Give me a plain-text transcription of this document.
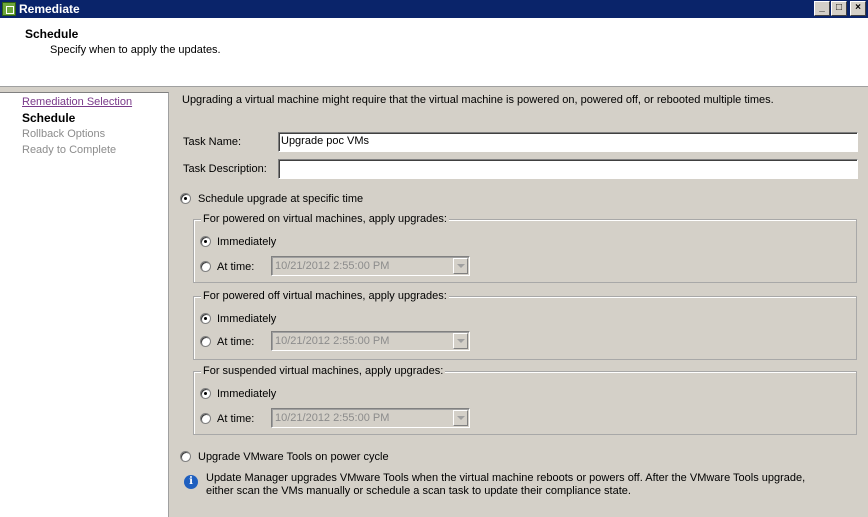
Remediate	_	□	×
Schedule
Specify when to apply the updates.
Remediation Selection
Schedule
Rollback Options
Ready to Complete
Upgrading a virtual machine might require that the virtual machine is powered on, powered off, or rebooted multiple times.
Task Name:	Upgrade poc VMs
Task Description:
Schedule upgrade at specific time
For powered on virtual machines, apply upgrades:
Immediately
At time: 10/21/2012 2:55:00 PM
For powered off virtual machines, apply upgrades:
Immediately
At time: 10/21/2012 2:55:00 PM
For suspended virtual machines, apply upgrades:
Immediately
At time: 10/21/2012 2:55:00 PM
Upgrade VMware Tools on power cycle
i	Update Manager upgrades VMware Tools when the virtual machine reboots or powers off. After the VMware Tools upgrade,
either scan the VMs manually or schedule a scan task to update their compliance state.
